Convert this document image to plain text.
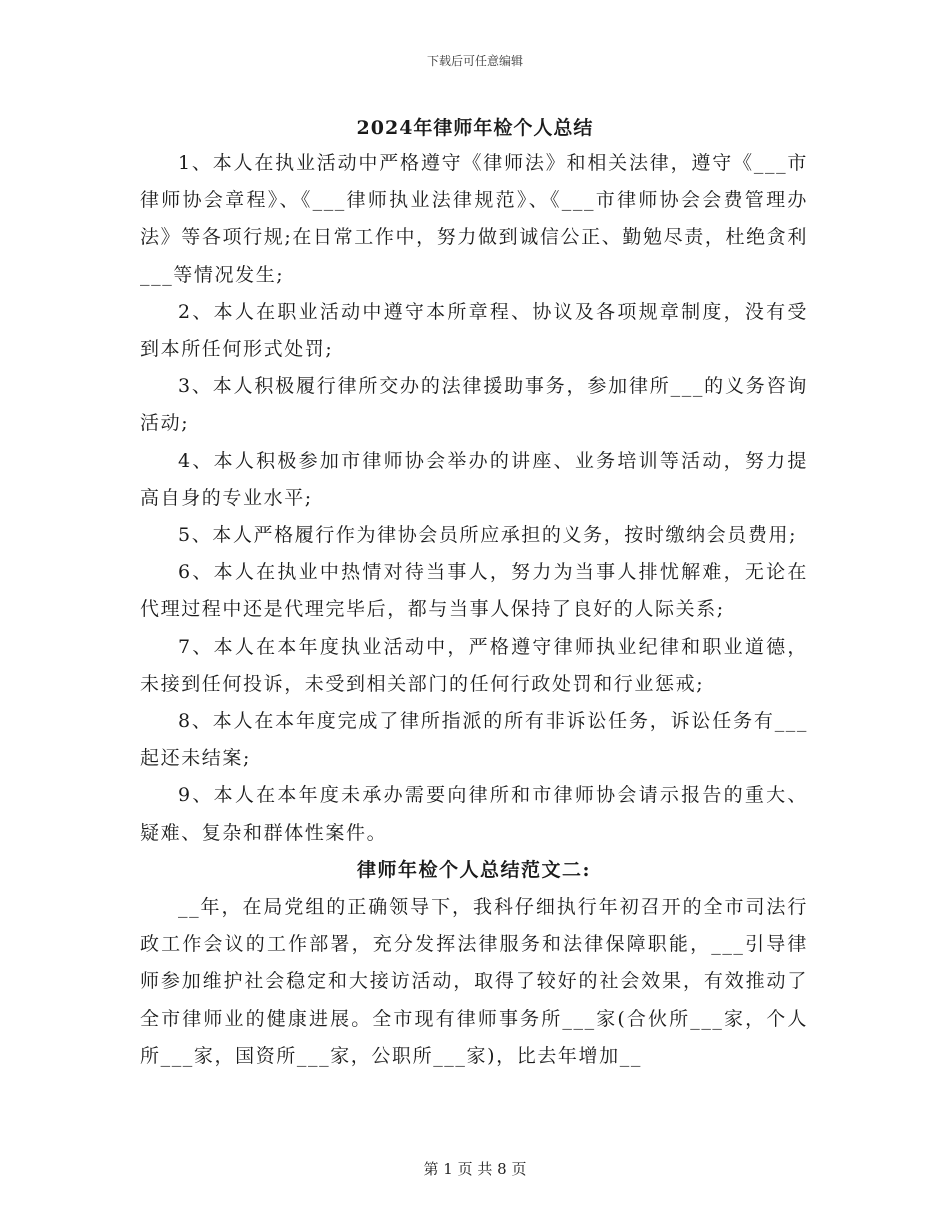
下载后可任意编辑
2024年律师年检个人总结

1、本人在执业活动中严格遵守《律师法》和相关法律，遵守《___市律师协会章程》、《___律师执业法律规范》、《___市律师协会会费管理办法》等各项行规;在日常工作中，努力做到诚信公正、勤勉尽责，杜绝贪利___等情况发生;

2、本人在职业活动中遵守本所章程、协议及各项规章制度，没有受到本所任何形式处罚;

3、本人积极履行律所交办的法律援助事务，参加律所___的义务咨询活动;

4、本人积极参加市律师协会举办的讲座、业务培训等活动，努力提高自身的专业水平;

5、本人严格履行作为律协会员所应承担的义务，按时缴纳会员费用;

6、本人在执业中热情对待当事人，努力为当事人排忧解难，无论在代理过程中还是代理完毕后，都与当事人保持了良好的人际关系;

7、本人在本年度执业活动中，严格遵守律师执业纪律和职业道德，未接到任何投诉，未受到相关部门的任何行政处罚和行业惩戒;

8、本人在本年度完成了律所指派的所有非诉讼任务，诉讼任务有___起还未结案;

9、本人在本年度未承办需要向律所和市律师协会请示报告的重大、疑难、复杂和群体性案件。

律师年检个人总结范文二:

__年，在局党组的正确领导下，我科仔细执行年初召开的全市司法行政工作会议的工作部署，充分发挥法律服务和法律保障职能，___引导律师参加维护社会稳定和大接访活动，取得了较好的社会效果，有效推动了全市律师业的健康进展。全市现有律师事务所___家(合伙所___家，个人所___家，国资所___家，公职所___家)，比去年增加__

第 1 页 共 8 页
